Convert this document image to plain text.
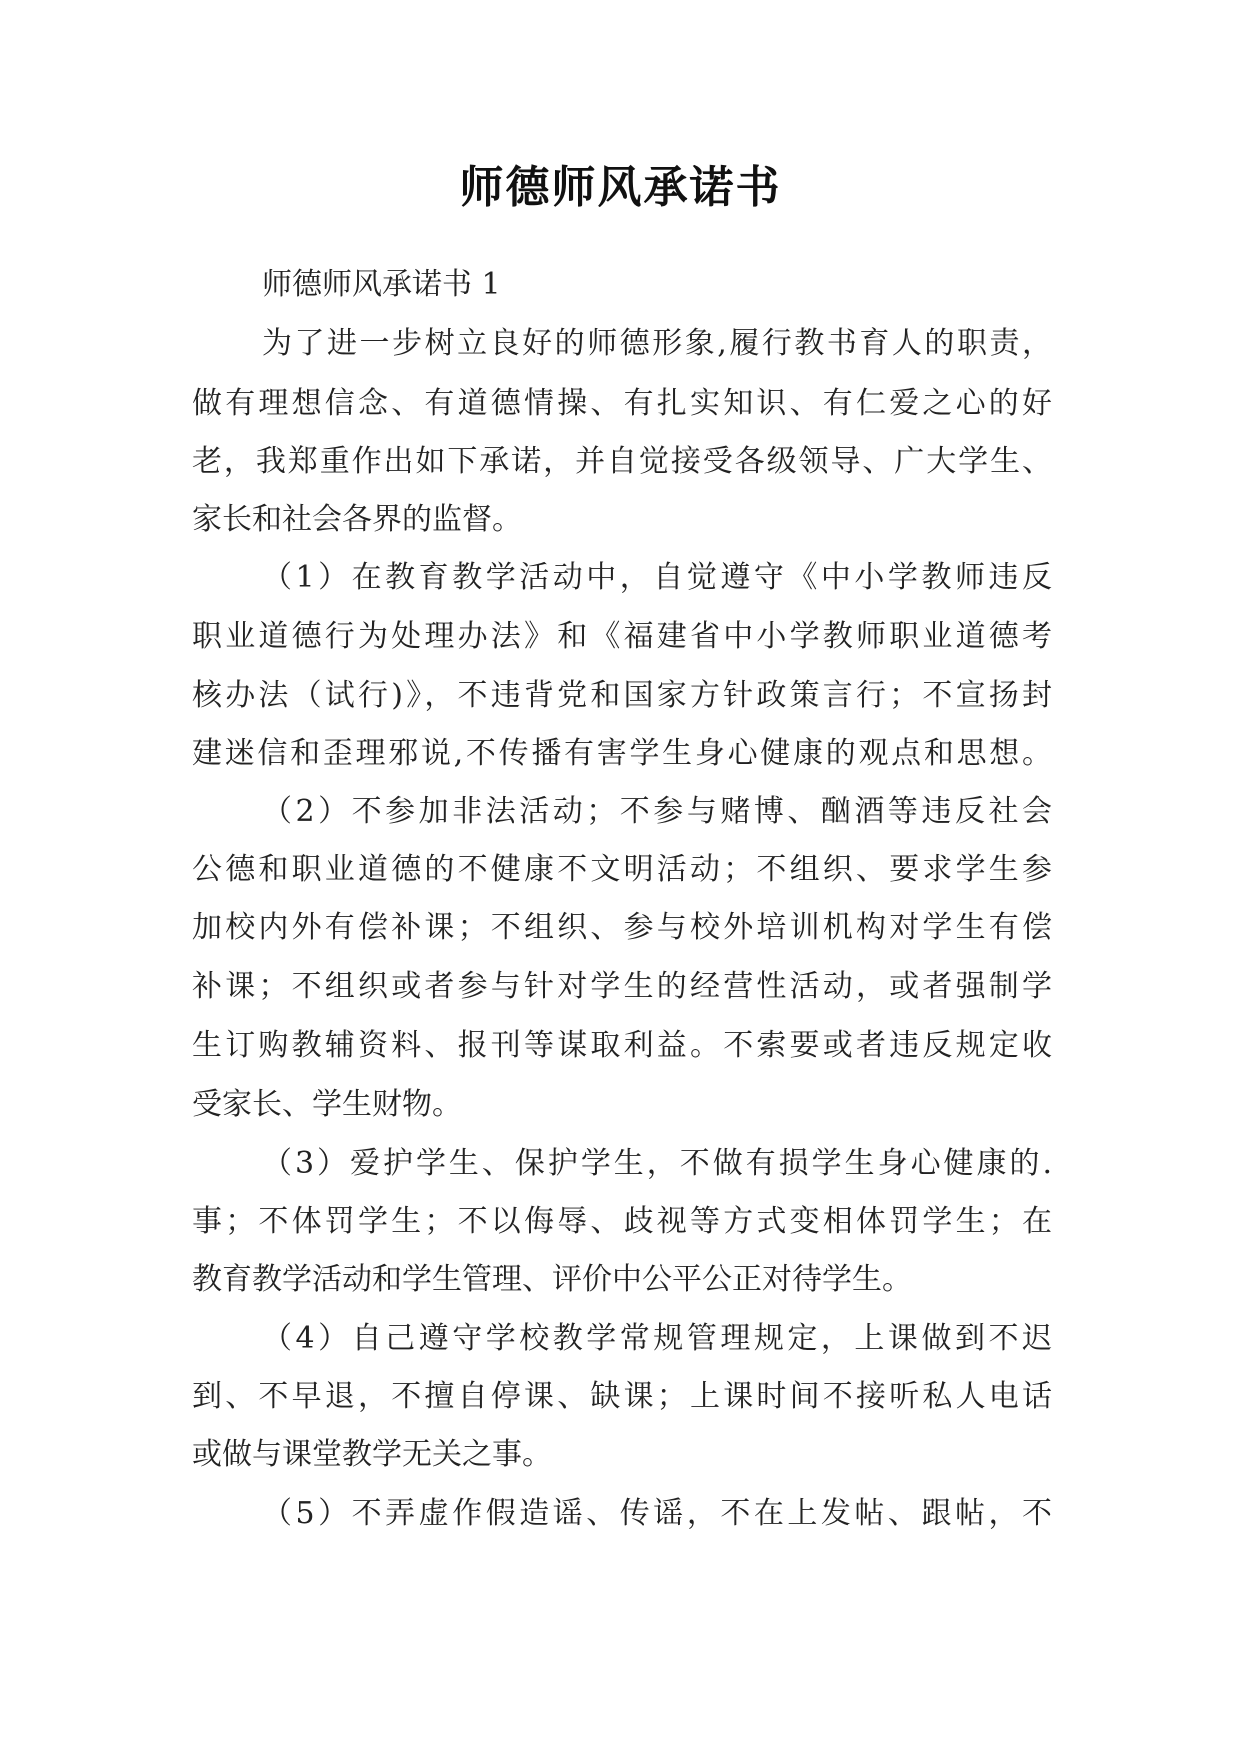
师德师风承诺书
师德师风承诺书 1
为了进一步树立良好的师德形象,履行教书育人的职责，
做有理想信念、有道德情操、有扎实知识、有仁爱之心的好
老，我郑重作出如下承诺，并自觉接受各级领导、广大学生、
家长和社会各界的监督。
（1）在教育教学活动中，自觉遵守《中小学教师违反
职业道德行为处理办法》和《福建省中小学教师职业道德考
核办法（试行)》，不违背党和国家方针政策言行；不宣扬封
建迷信和歪理邪说,不传播有害学生身心健康的观点和思想。
（2）不参加非法活动；不参与赌博、酗酒等违反社会
公德和职业道德的不健康不文明活动；不组织、要求学生参
加校内外有偿补课；不组织、参与校外培训机构对学生有偿
补课；不组织或者参与针对学生的经营性活动，或者强制学
生订购教辅资料、报刊等谋取利益。不索要或者违反规定收
受家长、学生财物。
（3）爱护学生、保护学生，不做有损学生身心健康的.
事；不体罚学生；不以侮辱、歧视等方式变相体罚学生；在
教育教学活动和学生管理、评价中公平公正对待学生。
（4）自己遵守学校教学常规管理规定，上课做到不迟
到、不早退，不擅自停课、缺课；上课时间不接听私人电话
或做与课堂教学无关之事。
（5）不弄虚作假造谣、传谣，不在上发帖、跟帖，不
